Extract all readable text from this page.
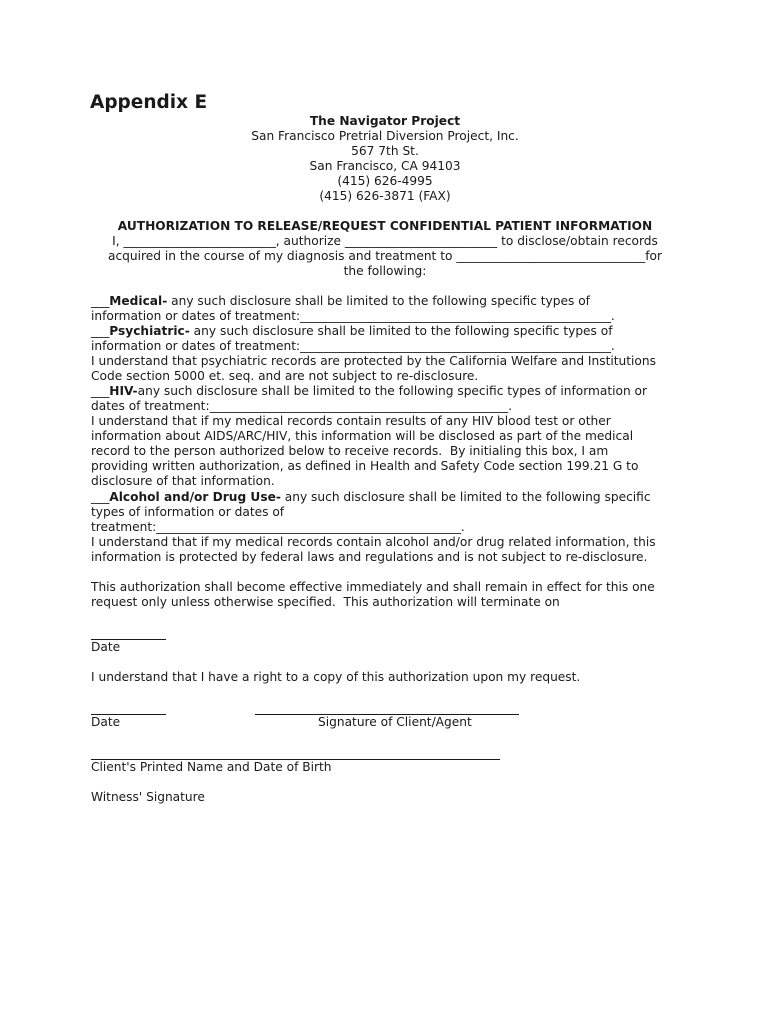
Appendix E
The Navigator Project
San Francisco Pretrial Diversion Project, Inc.
567 7th St.
San Francisco, CA 94103
(415) 626-4995
(415) 626-3871 (FAX)
AUTHORIZATION TO RELEASE/REQUEST CONFIDENTIAL PATIENT INFORMATION
I, _________________________, authorize _________________________ to disclose/obtain records
acquired in the course of my diagnosis and treatment to _______________________________for
the following:
___Medical- any such disclosure shall be limited to the following specific types of
information or dates of treatment:___________________________________________________.
___Psychiatric- any such disclosure shall be limited to the following specific types of
information or dates of treatment:___________________________________________________.
I understand that psychiatric records are protected by the California Welfare and Institutions
Code section 5000 et. seq. and are not subject to re-disclosure.
___HIV-any such disclosure shall be limited to the following specific types of information or
dates of treatment:_________________________________________________.
I understand that if my medical records contain results of any HIV blood test or other
information about AIDS/ARC/HIV, this information will be disclosed as part of the medical
record to the person authorized below to receive records.  By initialing this box, I am
providing written authorization, as defined in Health and Safety Code section 199.21 G to
disclosure of that information.
___Alcohol and/or Drug Use- any such disclosure shall be limited to the following specific
types of information or dates of
treatment:__________________________________________________.
I understand that if my medical records contain alcohol and/or drug related information, this
information is protected by federal laws and regulations and is not subject to re-disclosure.
This authorization shall become effective immediately and shall remain in effect for this one
request only unless otherwise specified.  This authorization will terminate on
Date
I understand that I have a right to a copy of this authorization upon my request.
Date	Signature of Client/Agent
Client's Printed Name and Date of Birth
Witness' Signature
